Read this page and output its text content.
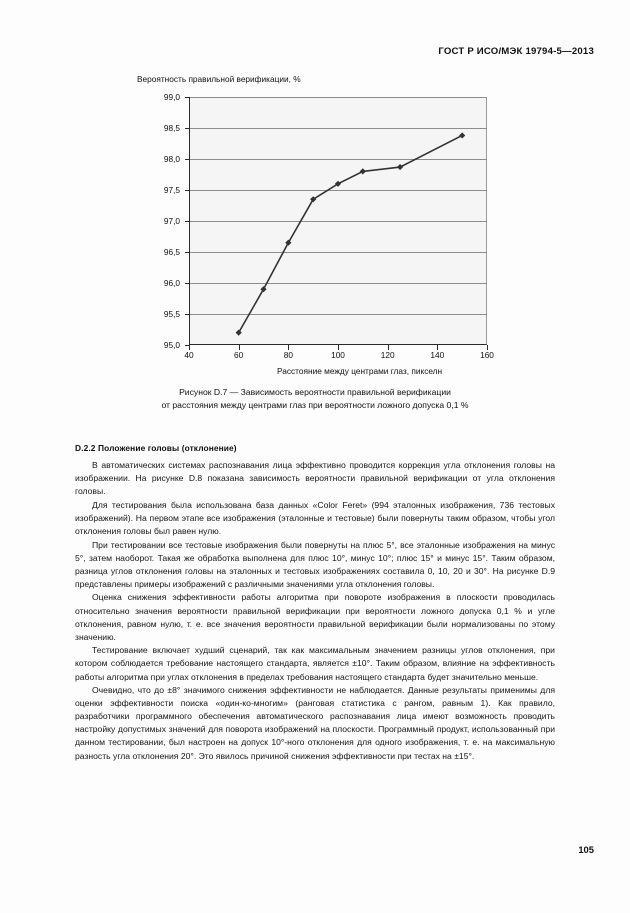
ГОСТ Р ИСО/МЭК 19794-5—2013
Вероятность правильной верификации, %
95,0
95,5
96,0
96,5
97,0
97,5
98,0
98,5
99,0
40	60	80	100	120	140	160
Расстояние между центрами глаз, пикселн
Рисунок D.7 — Зависимость вероятности правильной верификации
от расстояния между центрами глаз при вероятности ложного допуска 0,1 %
D.2.2 Положение головы (отклонение)

В автоматических системах распознавания лица эффективно проводится коррекция угла отклонения головы на изображении. На рисунке D.8 показана зависимость вероятности правильной верификации от угла отклонения головы.

Для тестирования была использована база данных «Color Feret» (994 эталонных изображения, 736 тестовых изображений). На первом этапе все изображения (эталонные и тестовые) были повернуты таким образом, чтобы угол отклонения головы был равен нулю.

При тестировании все тестовые изображения были повернуты на плюс 5°, все эталонные изображения на минус 5°, затем наоборот. Такая же обработка выполнена для плюс 10°, минус 10°; плюс 15° и минус 15°. Таким образом, разница углов отклонения головы на эталонных и тестовых изображениях составила 0, 10, 20 и 30°. На рисунке D.9 представлены примеры изображений с различными значениями угла отклонения головы.

Оценка снижения эффективности работы алгоритма при повороте изображения в плоскости проводилась относительно значения вероятности правильной верификации при вероятности ложного допуска 0,1 % и угле отклонения, равном нулю, т. е. все значения вероятности правильной верификации были нормализованы по этому значению.

Тестирование включает худший сценарий, так как максимальным значением разницы углов отклонения, при котором соблюдается требование настоящего стандарта, является ±10°. Таким образом, влияние на эффективность работы алгоритма при углах отклонения в пределах требования настоящего стандарта будет значительно меньше.

Очевидно, что до ±8° значимого снижения эффективности не наблюдается. Данные результаты применимы для оценки эффективности поиска «один-ко-многим» (ранговая статистика с рангом, равным 1). Как правило, разработчики программного обеспечения автоматического распознавания лица имеют возможность проводить настройку допустимых значений для поворота изображений на плоскости. Программный продукт, использованный при данном тестировании, был настроен на допуск 10°-ного отклонения для одного изображения, т. е. на максимальную разность угла отклонения 20°. Это явилось причиной снижения эффективности при тестах на ±15°.

105
